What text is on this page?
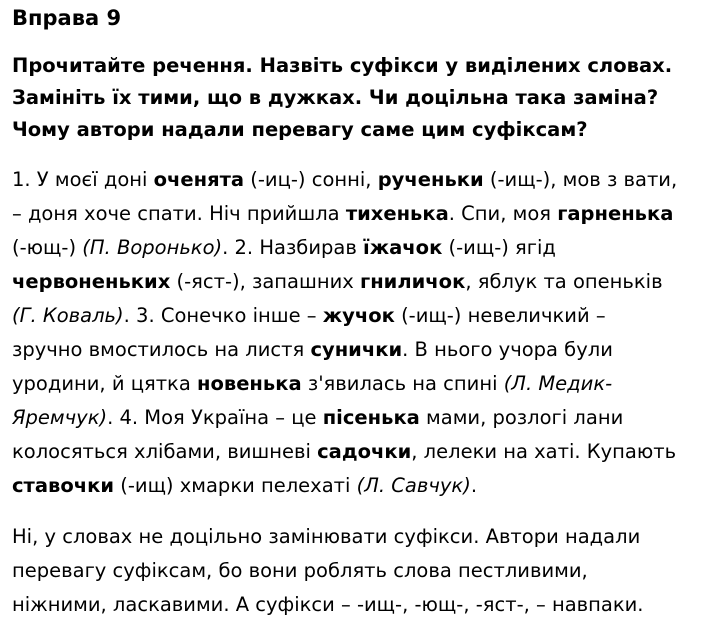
Вправа 9
Прочитайте речення. Назвіть суфікси у виділених словах.
Замініть їх тими, що в дужках. Чи доцільна така заміна?
Чому автори надали перевагу саме цим суфіксам?
1. У моєї доні оченята (-иц-) сонні, рученьки (-ищ-), мов з вати,
– доня хоче спати. Ніч прийшла тихенька. Спи, моя гарненька
(-ющ-) (П. Воронько). 2. Назбирав їжачок (-ищ-) ягід
червоненьких (-яст-), запашних гниличок, яблук та опеньків
(Г. Коваль). 3. Сонечко інше – жучок (-ищ-) невеличкий –
зручно вмостилось на листя сунички. В нього учора були
уродини, й цятка новенька з'явилась на спині (Л. Медик-
Яремчук). 4. Моя Україна – це пісенька мами, розлогі лани
колосяться хлібами, вишневі садочки, лелеки на хаті. Купають
ставочки (-ищ) хмарки пелехаті (Л. Савчук).
Ні, у словах не доцільно замінювати суфікси. Автори надали
перевагу суфіксам, бо вони роблять слова пестливими,
ніжними, ласкавими. А суфікси – -ищ-, -ющ-, -яст-, – навпаки.
